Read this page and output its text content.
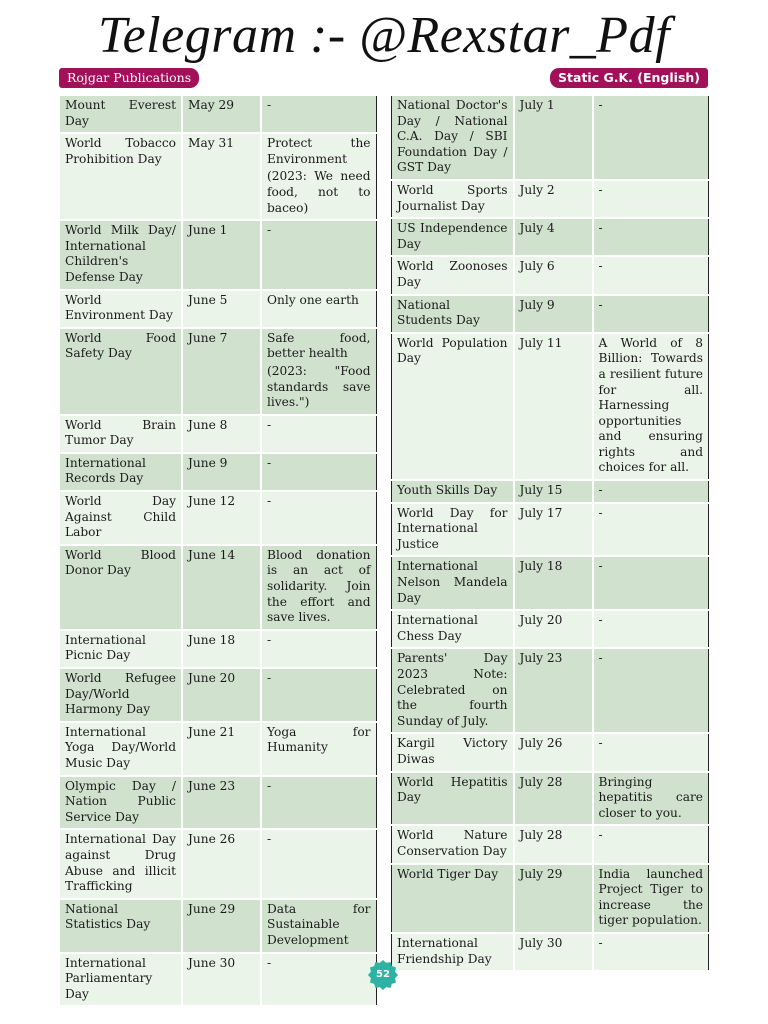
Telegram :- @Rexstar_Pdf
Rojgar Publications	Static G.K. (English)
Mount Everest Day	May 29	-

World Tobacco Prohibition Day	May 31	Protect the Environment
(2023: We need food, not to baceo)

World Milk Day/ International Children's Defense Day	June 1	-

World Environment Day	June 5	Only one earth

World Food Safety Day	June 7	Safe food, better health
(2023: "Food standards save lives.")

World Brain Tumor Day	June 8	-

International Records Day	June 9	-

World Day Against Child Labor	June 12	-

World Blood Donor Day	June 14	Blood donation is an act of solidarity. Join the effort and save lives.

International Picnic Day	June 18	-

World Refugee Day/World Harmony Day	June 20	-

International Yoga Day/World Music Day	June 21	Yoga for Humanity

Olympic Day / Nation Public Service Day	June 23	-

International Day against Drug Abuse and illicit Trafficking	June 26	-

National Statistics Day	June 29	Data for Sustainable Development

International Parliamentary Day	June 30	-
National Doctor's Day / National C.A. Day / SBI Foundation Day / GST Day	July 1	-

World Sports Journalist Day	July 2	-

US Independence Day	July 4	-

World Zoonoses Day	July 6	-

National Students Day	July 9	-

World Population Day	July 11	A World of 8 Billion: Towards a resilient future for all. Harnessing opportunities and ensuring rights and choices for all.

Youth Skills Day	July 15	-

World Day for International Justice	July 17	-

International Nelson Mandela Day	July 18	-

International Chess Day	July 20	-

Parents' Day 2023 Note: Celebrated on the fourth Sunday of July.	July 23	-

Kargil Victory Diwas	July 26	-

World Hepatitis Day	July 28	Bringing hepatitis care closer to you.

World Nature Conservation Day	July 28	-

World Tiger Day	July 29	India launched Project Tiger to increase the tiger population.

International Friendship Day	July 30	-
52
